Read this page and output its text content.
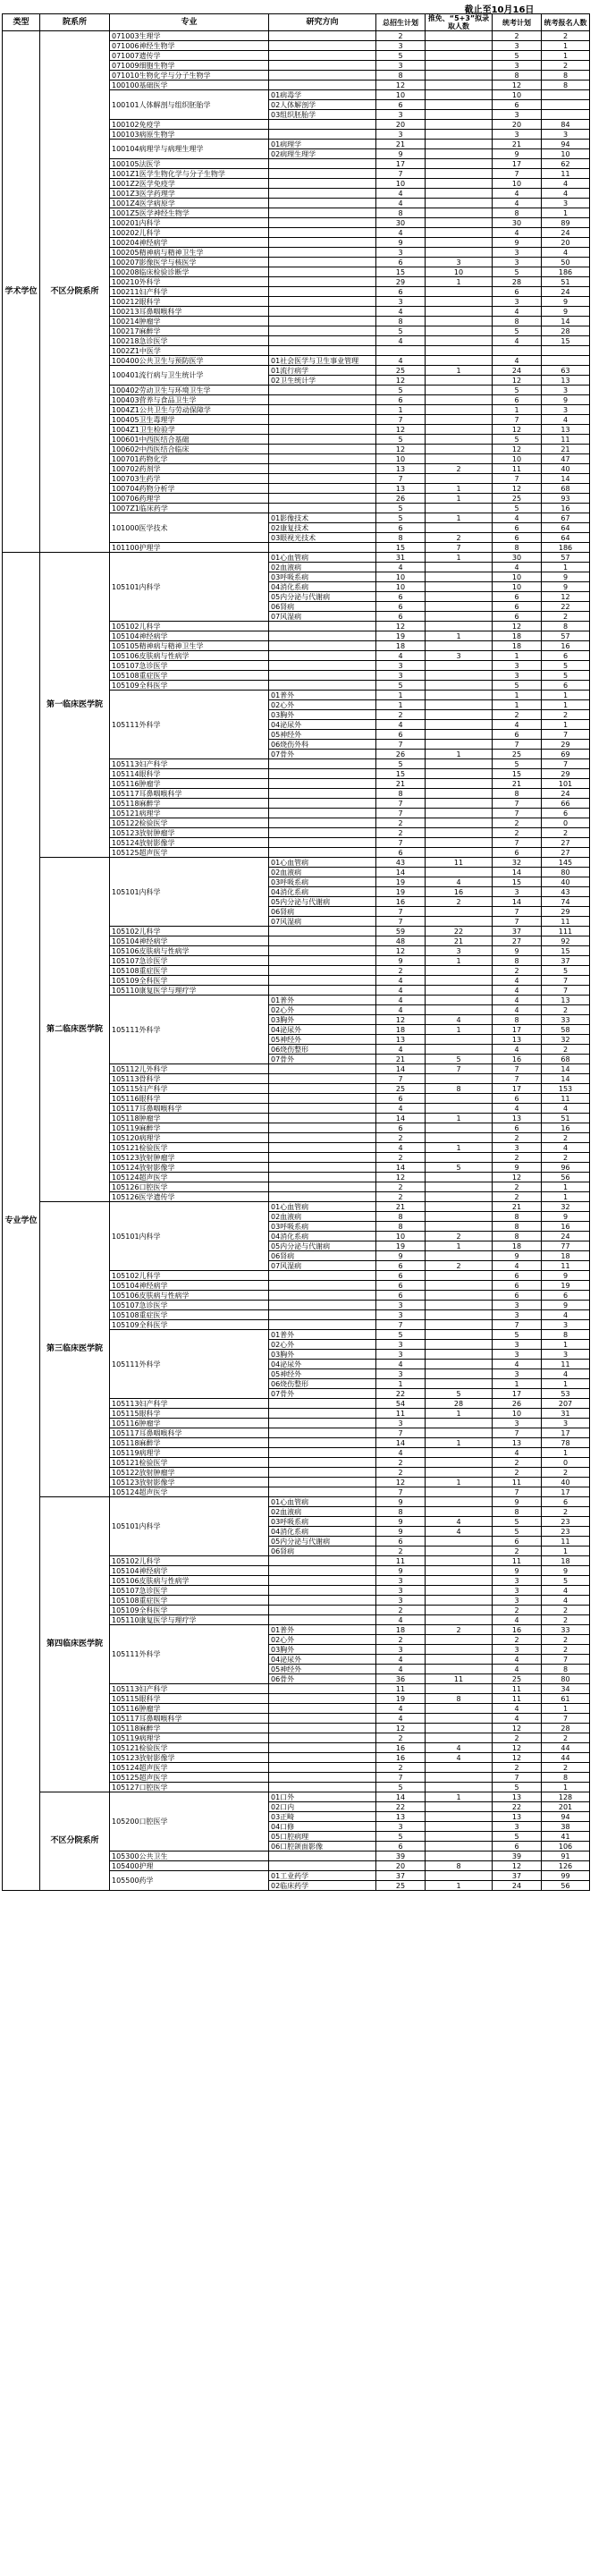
截止至10月16日
类型	院系所	专业	研究方向	总招生计划	推免、“5+3”拟录取人数	统考计划	统考报名人数
学术学位	不区分院系所	071003生理学		2		2	2
		071006神经生物学		3		3	1
		071007遗传学		5		5	1
		071009细胞生物学		3		3	2
		071010生物化学与分子生物学		8		8	8
		100100基础医学		12		12	8
		100101人体解剖与组织胚胎学	01病毒学	10		10	
			02人体解剖学	6		6	
			03组织胚胎学	3		3	
		100102免疫学		20		20	84
		100103病原生物学		3		3	3
		100104病理学与病理生理学	01病理学	21		21	94
			02病理生理学	9		9	10
		100105法医学		17		17	62
		1001Z1医学生物化学与分子生物学		7		7	11
		1001Z2医学免疫学		10		10	4
		1001Z3医学药理学		4		4	4
		1001Z4医学病原学		4		4	3
		1001Z5医学神经生物学		8		8	1
		100201内科学		30		30	89
		100202儿科学		4		4	24
		100204神经病学		9		9	20
		100205精神病与精神卫生学		3		3	4
		100207影像医学与核医学		6	3	3	50
		100208临床检验诊断学		15	10	5	186
		100210外科学		29	1	28	51
		100211妇产科学		6		6	24
		100212眼科学		3		3	9
		100213耳鼻咽喉科学		4		4	9
		100214肿瘤学		8		8	14
		100217麻醉学		5		5	28
		100218急诊医学		4		4	15
		1002Z1中医学					
		100400公共卫生与预防医学	01社会医学与卫生事业管理	4		4	
		100401流行病与卫生统计学	01流行病学	25	1	24	63
			02卫生统计学	12		12	13
		100402劳动卫生与环境卫生学		5		5	3
		100403营养与食品卫生学		6		6	9
		1004Z1公共卫生与劳动保障学		1		1	3
		100405卫生毒理学		7		7	4
		1004Z1卫生检验学		12		12	13
		100601中西医结合基础		5		5	11
		100602中西医结合临床		12		12	21
		100701药物化学		10		10	47
		100702药剂学		13	2	11	40
		100703生药学		7		7	14
		100704药物分析学		13	1	12	68
		100706药理学		26	1	25	93
		1007Z1临床药学		5		5	16
		101000医学技术	01影像技术	5	1	4	67
			02康复技术	6		6	64
			03眼视光技术	8	2	6	64
		101100护理学		15	7	8	186
专业学位	第一临床医学院	105101内科学	01心血管病	31	1	30	57
			02血液病	4		4	1
			03呼吸系病	10		10	9
			04消化系病	10		10	9
			05内分泌与代谢病	6		6	12
			06肾病	6		6	22
			07风湿病	6		6	2
		105102儿科学		12		12	8
		105104神经病学		19	1	18	57
		105105精神病与精神卫生学		18		18	16
		105106皮肤病与性病学		4	3	1	6
		105107急诊医学		3		3	5
		105108重症医学		3		3	5
		105109全科医学		5		5	6
		105111外科学	01普外	1		1	1
			02心外	1		1	1
			03胸外	2		2	2
			04泌尿外	4		4	1
			05神经外	6		6	7
			06烧伤外科	7		7	29
			07骨外	26	1	25	69
		105113妇产科学		5		5	7
		105114眼科学		15		15	29
		105116肿瘤学		21		21	101
		105117耳鼻咽喉科学		8		8	24
		105118麻醉学		7		7	66
		105121病理学		7		7	6
		105122检验医学		2		2	0
		105123放射肿瘤学		2		2	2
		105124放射影像学		7		7	27
		105125超声医学		6		6	27
	第二临床医学院	105101内科学	01心血管病	43	11	32	145
			02血液病	14		14	80
			03呼吸系病	19	4	15	40
			04消化系病	19	16	3	43
			05内分泌与代谢病	16	2	14	74
			06肾病	7		7	29
			07风湿病	7		7	11
		105102儿科学		59	22	37	111
		105104神经病学		48	21	27	92
		105106皮肤病与性病学		12	3	9	15
		105107急诊医学		9	1	8	37
		105108重症医学		2		2	5
		105109全科医学		4		4	7
		105110康复医学与理疗学		4		4	7
		105111外科学	01普外	4		4	13
			02心外	4		4	2
			03胸外	12	4	8	33
			04泌尿外	18	1	17	58
			05神经外	13		13	32
			06烧伤整形	4		4	2
			07骨外	21	5	16	68
		105112儿外科学		14	7	7	14
		105113骨科学		7		7	14
		105115妇产科学		25	8	17	153
		105116眼科学		6		6	11
		105117耳鼻咽喉科学		4		4	4
		105118肿瘤学		14	1	13	51
		105119麻醉学		6		6	16
		105120病理学		2		2	2
		105121检验医学		4	1	3	4
		105123放射肿瘤学		2		2	2
		105124放射影像学		14	5	9	96
		105124超声医学		12		12	56
		105126口腔医学		2		2	1
		105126医学遗传学		2		2	1
	第三临床医学院	105101内科学	01心血管病	21		21	32
			02血液病	8		8	9
			03呼吸系病	8		8	16
			04消化系病	10	2	8	24
			05内分泌与代谢病	19	1	18	77
			06肾病	9		9	18
			07风湿病	6	2	4	11
		105102儿科学		6		6	9
		105104神经病学		6		6	19
		105106皮肤病与性病学		6		6	6
		105107急诊医学		3		3	9
		105108重症医学		3		3	4
		105109全科医学		7		7	3
		105111外科学	01普外	5		5	8
			02心外	3		3	1
			03胸外	3		3	3
			04泌尿外	4		4	11
			05神经外	3		3	4
			06烧伤整形	1		1	1
			07骨外	22	5	17	53
		105113妇产科学		54	28	26	207
		105115眼科学		11	1	10	31
		105116肿瘤学		3		3	3
		105117耳鼻咽喉科学		7		7	17
		105118麻醉学		14	1	13	78
		105119病理学		4		4	1
		105121检验医学		2		2	0
		105122放射肿瘤学		2		2	2
		105123放射影像学		12	1	11	40
		105124超声医学		7		7	17
	第四临床医学院	105101内科学	01心血管病	9		9	6
			02血液病	8		8	2
			03呼吸系病	9	4	5	23
			04消化系病	9	4	5	23
			05内分泌与代谢病	6		6	11
			06肾病	2		2	1
		105102儿科学		11		11	18
		105104神经病学		9		9	9
		105106皮肤病与性病学		3		3	5
		105107急诊医学		3		3	4
		105108重症医学		3		3	4
		105109全科医学		2		2	2
		105110康复医学与理疗学		4		4	2
		105111外科学	01普外	18	2	16	33
			02心外	2		2	2
			03胸外	3		3	2
			04泌尿外	4		4	7
			05神经外	4		4	8
			06骨外	36	11	25	80
		105113妇产科学		11		11	34
		105115眼科学		19	8	11	61
		105116肿瘤学		4		4	1
		105117耳鼻咽喉科学		4		4	7
		105118麻醉学		12		12	28
		105119病理学		2		2	2
		105121检验医学		16	4	12	44
		105123放射影像学		16	4	12	44
		105124超声医学		2		2	2
		105125超声医学		7		7	8
		105127口腔医学		5		5	1
	不区分院系所	105200口腔医学	01口外	14	1	13	128
			02口内	22		22	201
			03正畸	13		13	94
			04口修	3		3	38
			05口腔病理	5		5	41
			06口腔颌面影像	6		6	106
		105300公共卫生		39		39	91
		105400护理		20	8	12	126
		105500药学	01工业药学	37		37	99
			02临床药学	25	1	24	56
